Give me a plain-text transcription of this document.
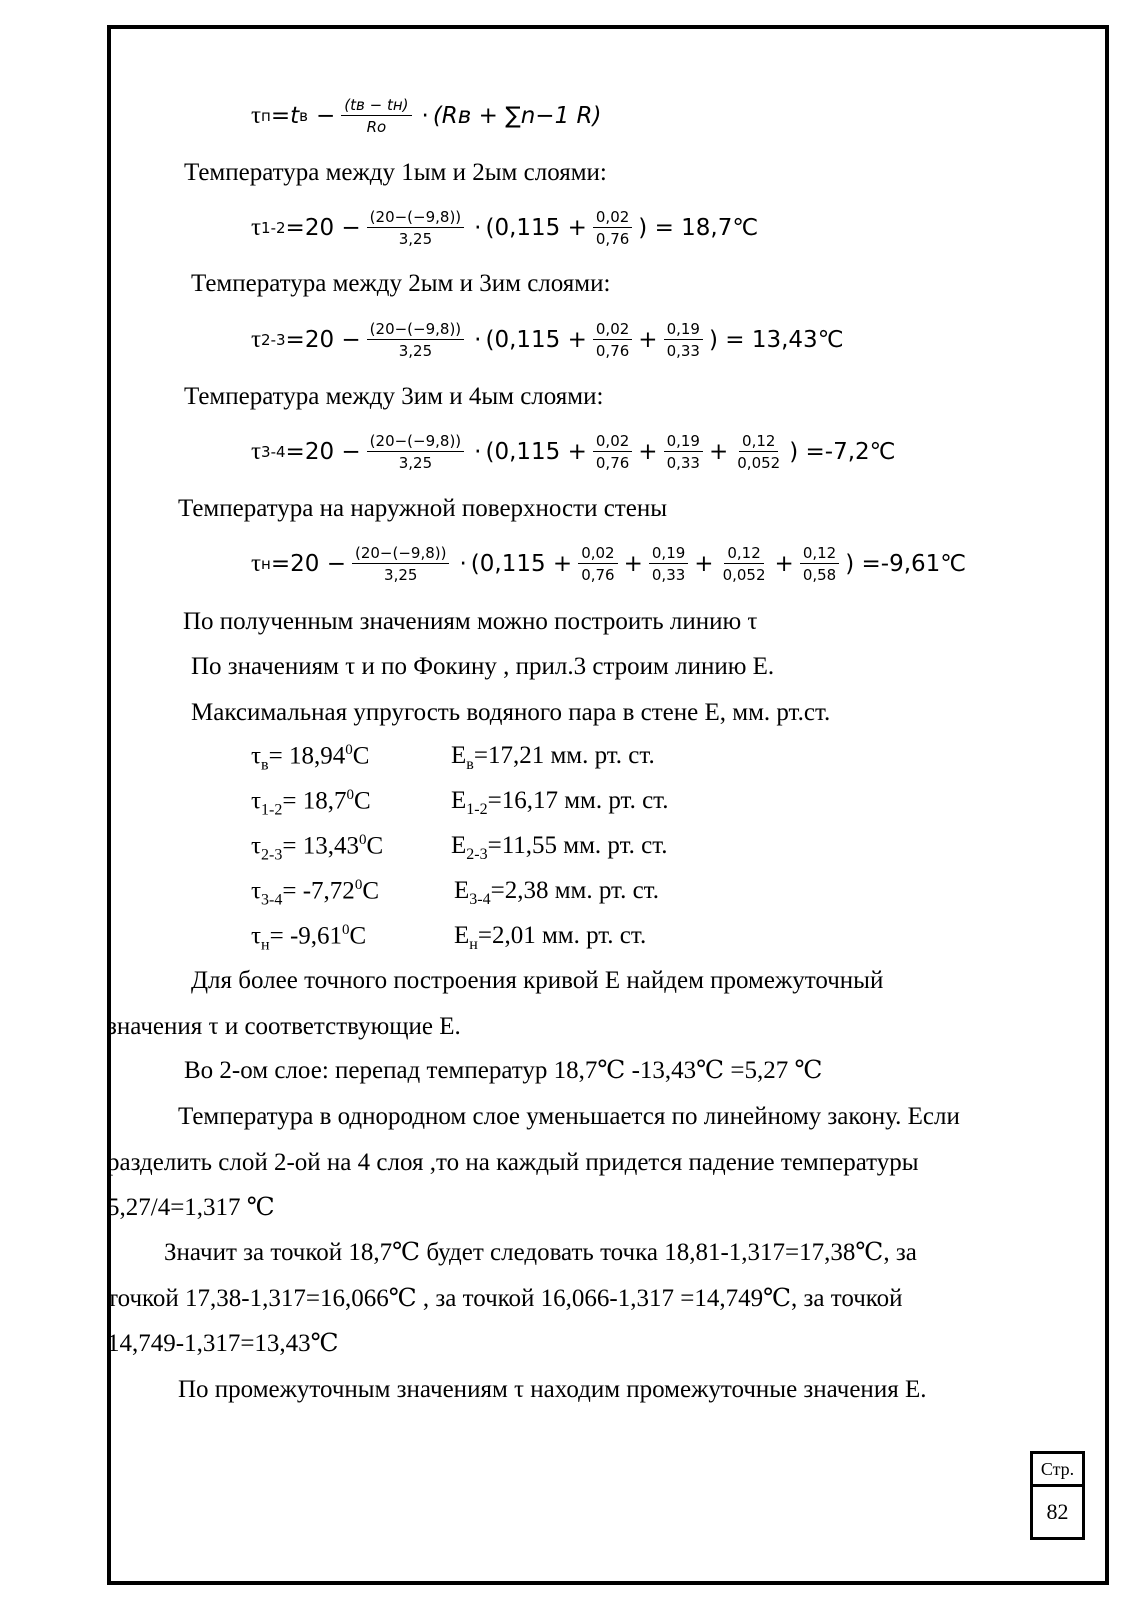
τ п = t $в - \frac{(tв - tн)}{Ro} \cdot (Rв + \sum n-1$ R)
Температура между 1ым и 2ым слоями:
τ $1-2 =20 - \frac{(20-(-9,8))}{3,25} \cdot (0,115 + \frac{0,02}{0,76}$ ) = 18,7℃
Температура между 2ым и 3им слоями:
τ $2-3 =20 - \frac{(20-(-9,8))}{3,25} \cdot (0,115 + \frac{0,02}{0,76} + \frac{0,19}{0,33}$ ) = 13,43℃
Температура между 3им и 4ым слоями:
τ $3-4 =20 - \frac{(20-(-9,8))}{3,25} \cdot (0,115 + \frac{0,02}{0,76} + \frac{0,19}{0,33} + \frac{0,12}{0,052}$ ) =-7,2℃
Температура на наружной поверхности стены
τ $н =20 - \frac{(20-(-9,8))}{3,25} \cdot (0,115 + \frac{0,02}{0,76} + \frac{0,19}{0,33} + \frac{0,12}{0,052} + \frac{0,12}{0,58}$ ) =-9,61℃
По полученным значениям можно построить линию τ
По значениям τ и по Фокину , прил.3 строим линию Е.
Максимальная упругость водяного пара в стене Е, мм. рт.ст.
$\tau_в= 18,94^0C$	$E_в=17,21$ мм. рт. ст.
$\tau_{1-2}= 18,7^0C$	$E_{1-2}=16,17$ мм. рт. ст.
$\tau_{2-3}= 13,43^0C$	$E_{2-3}=11,55$ мм. рт. ст.
$\tau_{3-4}= -7,72^0C$	$E_{3-4}=2,38$ мм. рт. ст.
$\tau_н= -9,61^0C$	$E_н=2,01$ мм. рт. ст.
Для более точного построения кривой Е найдем промежуточный
значения τ и соответствующие Е.
Во 2-ом слое: перепад температур 18,7℃ -13,43℃ =5,27 ℃
Температура в однородном слое уменьшается по линейному закону. Если
разделить слой 2-ой на 4 слоя ,то на каждый придется падение температуры
5,27/4=1,317 ℃
Значит за точкой 18,7℃ будет следовать точка 18,81-1,317=17,38℃, за
точкой 17,38-1,317=16,066℃ , за точкой 16,066-1,317 =14,749℃, за точкой
14,749-1,317=13,43℃
По промежуточным значениям τ находим промежуточные значения Е.
Стр.
82
